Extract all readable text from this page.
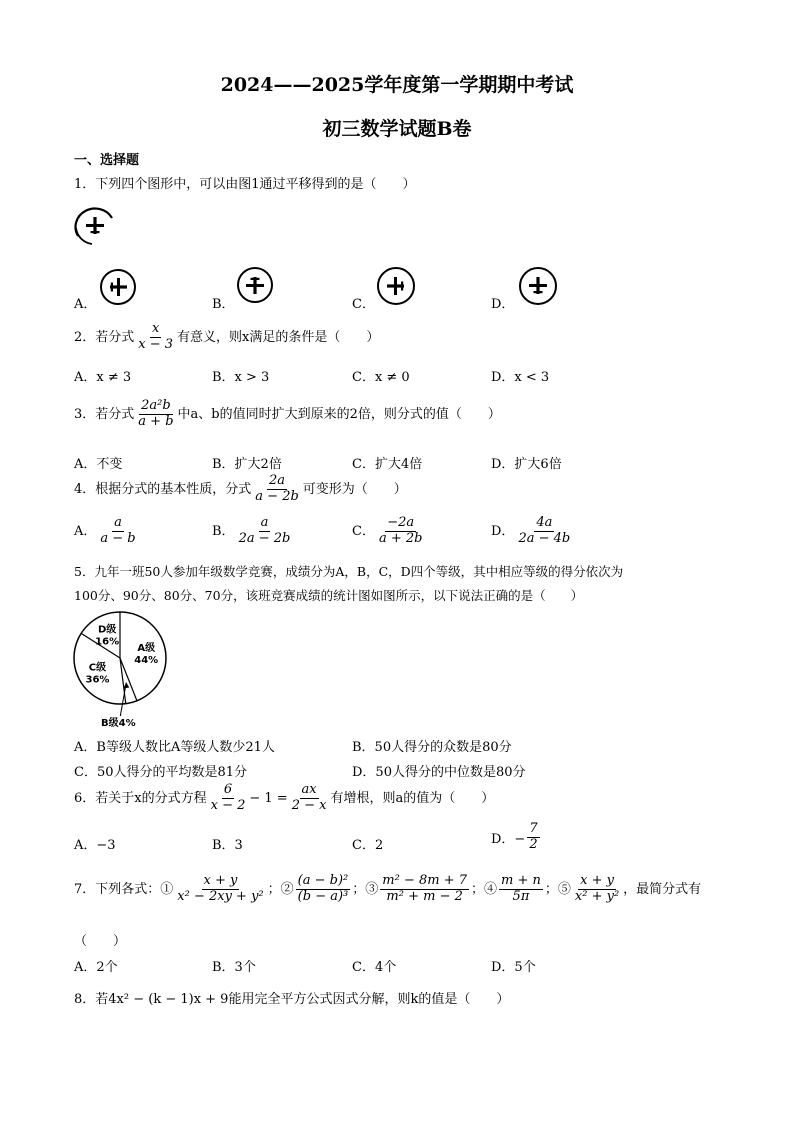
2024——2025学年度第一学期期中考试
初三数学试题B卷
一、选择题
1．下列四个图形中，可以由图1通过平移得到的是（　　）
A．	B．	C．	D．
2．若分式 $\frac{x}{x - 3}$ 有意义，则x满足的条件是（　　）
A．x ≠ 3	B．x > 3	C．x ≠ 0	D．x < 3
3．若分式 $\frac{\text{2a²b}}{a + b}$ 中a、b的值同时扩大到原来的2倍，则分式的值（　　）
A．不变	B．扩大2倍	C．扩大4倍	D．扩大6倍
4．根据分式的基本性质，分式 $\frac{2a}{a - 2b}$ 可变形为（　　）
A． $\frac{a}{a - b}$	B． $\frac{a}{2a - 2b}$	C． $\frac{-2a}{a + 2b}$	D． $\frac{4a}{2a - 4b}$
5．九年一班50人参加年级数学竞赛，成绩分为A，B，C，D四个等级，其中相应等级的得分依次为
100分、90分、80分、70分，该班竞赛成绩的统计图如图所示，以下说法正确的是（　　）
A级 44%
B级4%
C级 36%
D级 16%
A．B等级人数比A等级人数少21人	B．50人得分的众数是80分
C．50人得分的平均数是81分	D．50人得分的中位数是80分
6．若关于x的分式方程 $\frac{6}{x - 2} - 1 = \frac{ax}{2 - x}$ 有增根，则a的值为（　　）
A．−3	B．3	C．2	D．− $\frac{7}{2}$
7．下列各式：① $\frac{x + y}{\text{x² − 2xy + y²}}$ ；② $\frac{\text{(a − b)²}}{\text{(b − a)³}}$ ；③ $\frac{\text{m² − 8m + 7}}{\text{m² + m − 2}}$ ；④ $\frac{m + n}{5\pi}$ ；⑤ $\frac{x + y}{\text{x² + y²}}$ ，最简分式有
（　　）
A．2个	B．3个	C．4个	D．5个
8．若4x² − (k − 1)x + 9能用完全平方公式因式分解，则k的值是（　　）
